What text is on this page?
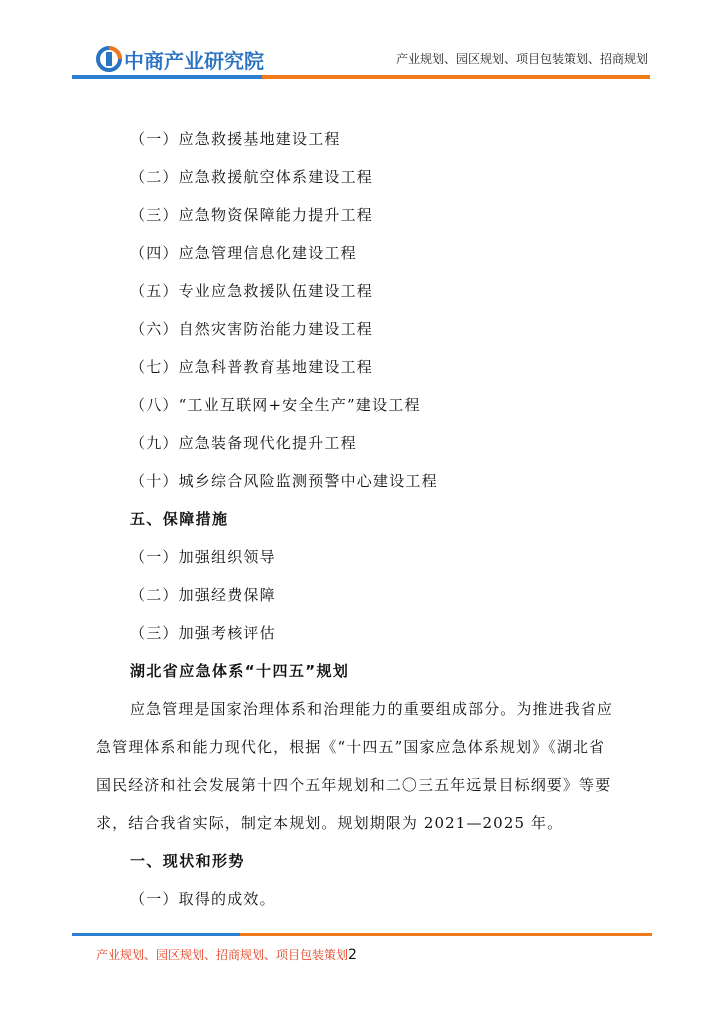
中商产业研究院	产业规划、园区规划、项目包装策划、招商规划
（一）应急救援基地建设工程
（二）应急救援航空体系建设工程
（三）应急物资保障能力提升工程
（四）应急管理信息化建设工程
（五）专业应急救援队伍建设工程
（六）自然灾害防治能力建设工程
（七）应急科普教育基地建设工程
（八）“工业互联网+安全生产”建设工程
（九）应急装备现代化提升工程
（十）城乡综合风险监测预警中心建设工程
五、保障措施
（一）加强组织领导
（二）加强经费保障
（三）加强考核评估
湖北省应急体系“十四五”规划
应急管理是国家治理体系和治理能力的重要组成部分。为推进我省应
急管理体系和能力现代化，根据《“十四五”国家应急体系规划》《湖北省
国民经济和社会发展第十四个五年规划和二〇三五年远景目标纲要》等要
求，结合我省实际，制定本规划。规划期限为 2021—2025 年。
一、现状和形势
（一）取得的成效。
产业规划、园区规划、招商规划、项目包装策划2
